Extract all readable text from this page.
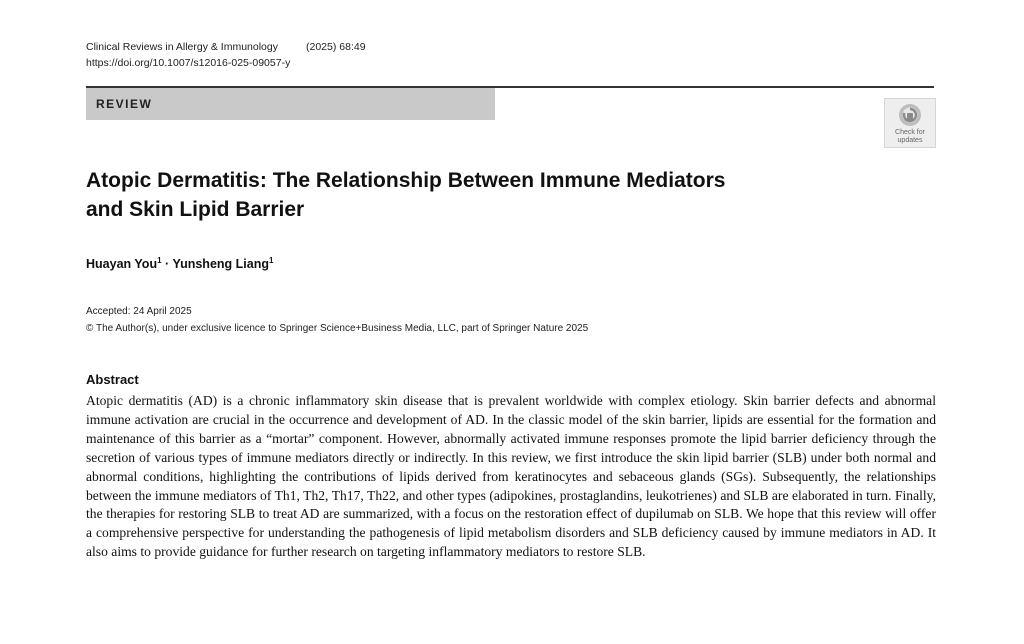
Clinical Reviews in Allergy & Immunology	(2025) 68:49
https://doi.org/10.1007/s12016-025-09057-y
REVIEW
Check for
updates
Atopic Dermatitis: The Relationship Between Immune Mediators
and Skin Lipid Barrier
Huayan You$^1$ · Yunsheng Liang$^1$
Accepted: 24 April 2025
© The Author(s), under exclusive licence to Springer Science+Business Media, LLC, part of Springer Nature 2025
Abstract

Atopic dermatitis (AD) is a chronic inflammatory skin disease that is prevalent worldwide with complex etiology. Skin barrier defects and abnormal immune activation are crucial in the occurrence and development of AD. In the classic model of the skin barrier, lipids are essential for the formation and maintenance of this barrier as a “mortar” component. However, abnormally activated immune responses promote the lipid barrier deficiency through the secretion of various types of immune mediators directly or indirectly. In this review, we first introduce the skin lipid barrier (SLB) under both normal and abnormal conditions, highlighting the contributions of lipids derived from keratinocytes and sebaceous glands (SGs). Subsequently, the relationships between the immune mediators of Th1, Th2, Th17, Th22, and other types (adipokines, prostaglandins, leukotrienes) and SLB are elaborated in turn. Finally, the therapies for restoring SLB to treat AD are summarized, with a focus on the restoration effect of dupilumab on SLB. We hope that this review will offer a comprehensive perspective for understanding the pathogenesis of lipid metabolism disorders and SLB deficiency caused by immune mediators in AD. It also aims to provide guidance for further research on targeting inflammatory mediators to restore SLB.
